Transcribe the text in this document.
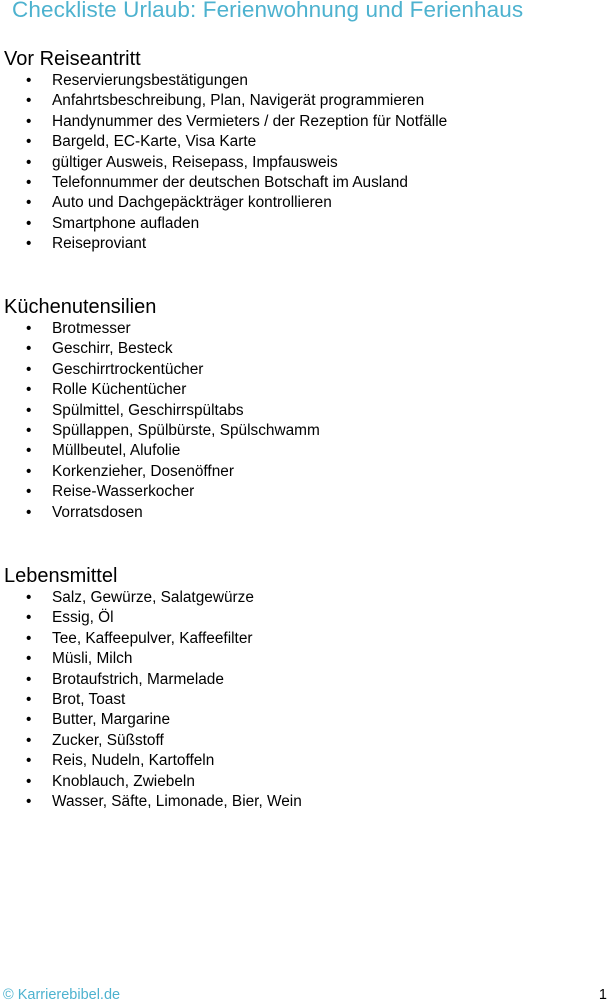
Checkliste Urlaub: Ferienwohnung und Ferienhaus
Vor Reiseantritt
• Reservierungsbestätigungen
• Anfahrtsbeschreibung, Plan, Navigerät programmieren
• Handynummer des Vermieters / der Rezeption für Notfälle
• Bargeld, EC-Karte, Visa Karte
• gültiger Ausweis, Reisepass, Impfausweis
• Telefonnummer der deutschen Botschaft im Ausland
• Auto und Dachgepäckträger kontrollieren
• Smartphone aufladen
• Reiseproviant
Küchenutensilien
• Brotmesser
• Geschirr, Besteck
• Geschirrtrockentücher
• Rolle Küchentücher
• Spülmittel, Geschirrspültabs
• Spüllappen, Spülbürste, Spülschwamm
• Müllbeutel, Alufolie
• Korkenzieher, Dosenöffner
• Reise-Wasserkocher
• Vorratsdosen
Lebensmittel
• Salz, Gewürze, Salatgewürze
• Essig, Öl
• Tee, Kaffeepulver, Kaffeefilter
• Müsli, Milch
• Brotaufstrich, Marmelade
• Brot, Toast
• Butter, Margarine
• Zucker, Süßstoff
• Reis, Nudeln, Kartoffeln
• Knoblauch, Zwiebeln
• Wasser, Säfte, Limonade, Bier, Wein
© Karrierebibel.de	1
